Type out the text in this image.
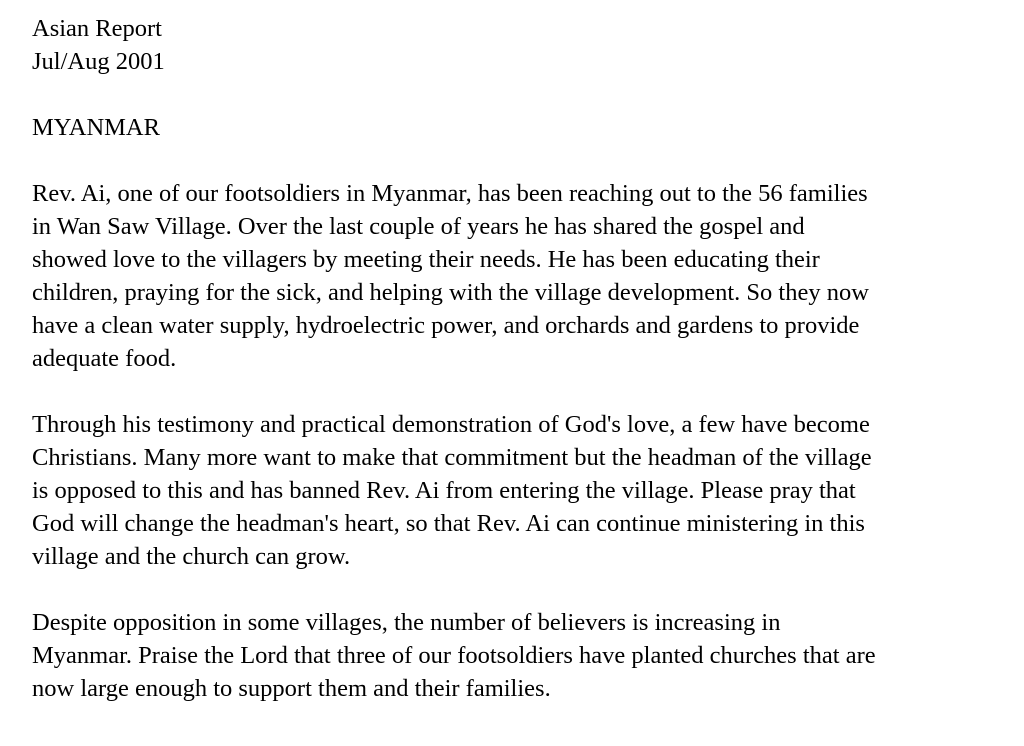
Asian Report

Jul/Aug 2001

MYANMAR

Rev. Ai, one of our footsoldiers in Myanmar, has been reaching out to the 56 families

in Wan Saw Village. Over the last couple of years he has shared the gospel and

showed love to the villagers by meeting their needs. He has been educating their

children, praying for the sick, and helping with the village development. So they now

have a clean water supply, hydroelectric power, and orchards and gardens to provide

adequate food.

Through his testimony and practical demonstration of God's love, a few have become

Christians. Many more want to make that commitment but the headman of the village

is opposed to this and has banned Rev. Ai from entering the village. Please pray that

God will change the headman's heart, so that Rev. Ai can continue ministering in this

village and the church can grow.

Despite opposition in some villages, the number of believers is increasing in

Myanmar. Praise the Lord that three of our footsoldiers have planted churches that are

now large enough to support them and their families.
